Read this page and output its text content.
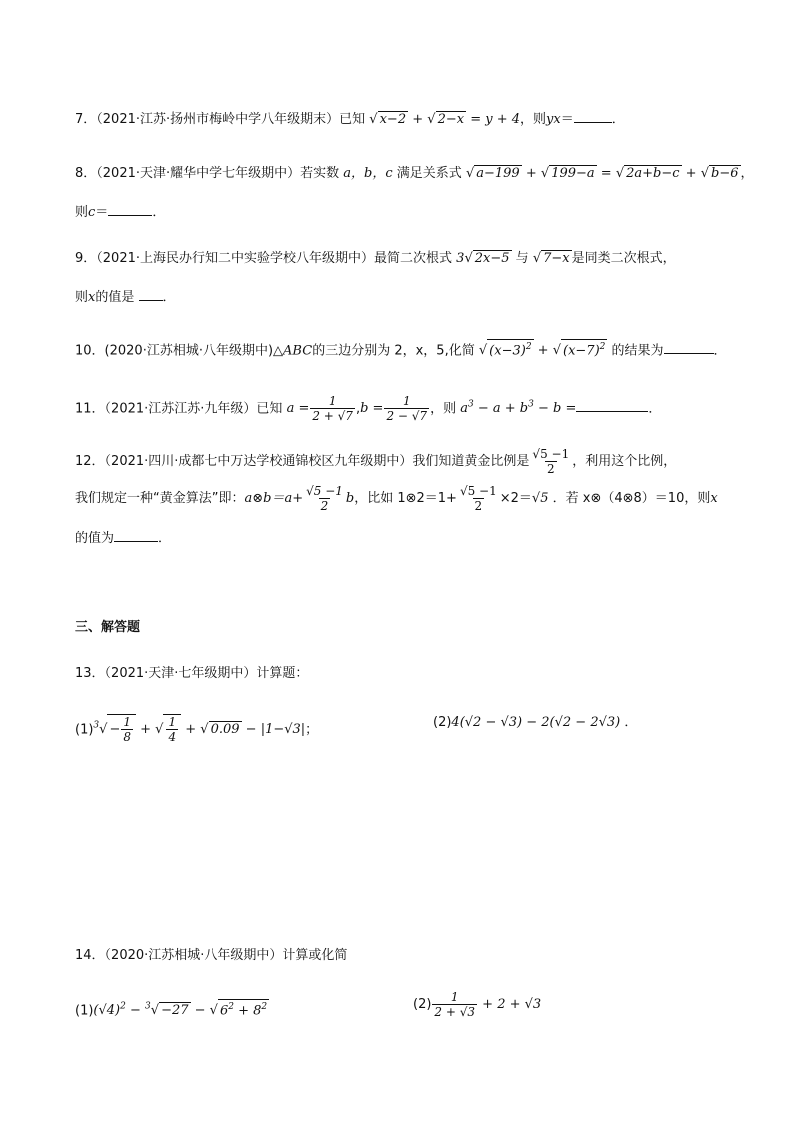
7．（2021·江苏·扬州市梅岭中学八年级期末）已知 √ x−2 + √ 2−x = y + 4，则yx＝	．
8．（2021·天津·耀华中学七年级期中）若实数 a，b，c 满足关系式 √ a−199 + √ 199−a = √ 2a+b−c + √ b−6 ，
则c＝	．
9．（2021·上海民办行知二中实验学校八年级期中）最简二次根式 3√ 2x−5 与 √ 7−x 是同类二次根式，
则x的值是 ．
10．(2020·江苏相城·八年级期中)△ABC的三边分别为 2，x，5,化简 √ $(x-3)^2$ + √ $(x-7)^2$ 的结果为	．
11．（2021·江苏江苏·九年级）已知 $a = \frac{1}{2 + √7} ,b = \frac{1}{2 - √7}$ ，则 $a^3 - a + b^3 - b$ =	．
12．（2021·四川·成都七中万达学校通锦校区九年级期中）我们知道黄金比例是 $\frac{√5 -1}{2}$ ，利用这个比例，
我们规定一种“黄金算法”即：a⊗b＝a+ $\frac{√5 -1}{2}$ b，比如 1⊗2＝1+ $\frac{√5 -1}{2} \times 2=√5$ ．若 x⊗（4⊗8）＝10，则x
的值为	．
三、解答题
13．（2021·天津·七年级期中）计算题：
$(1)^3√ - \frac{1}{8}$ + √ $\frac{1}{4}$ + √ 0.09 − |1−√3|；	(2)4(√2 − √3) − 2(√2 − 2√3) ．
14．（2020·江苏相城·八年级期中）计算或化简
$(1)(√4)^2 - ^3√ -27$ − √ $6^2 + 8^2$	$(2) \frac{1}{2 + √3} + 2 + √3$
